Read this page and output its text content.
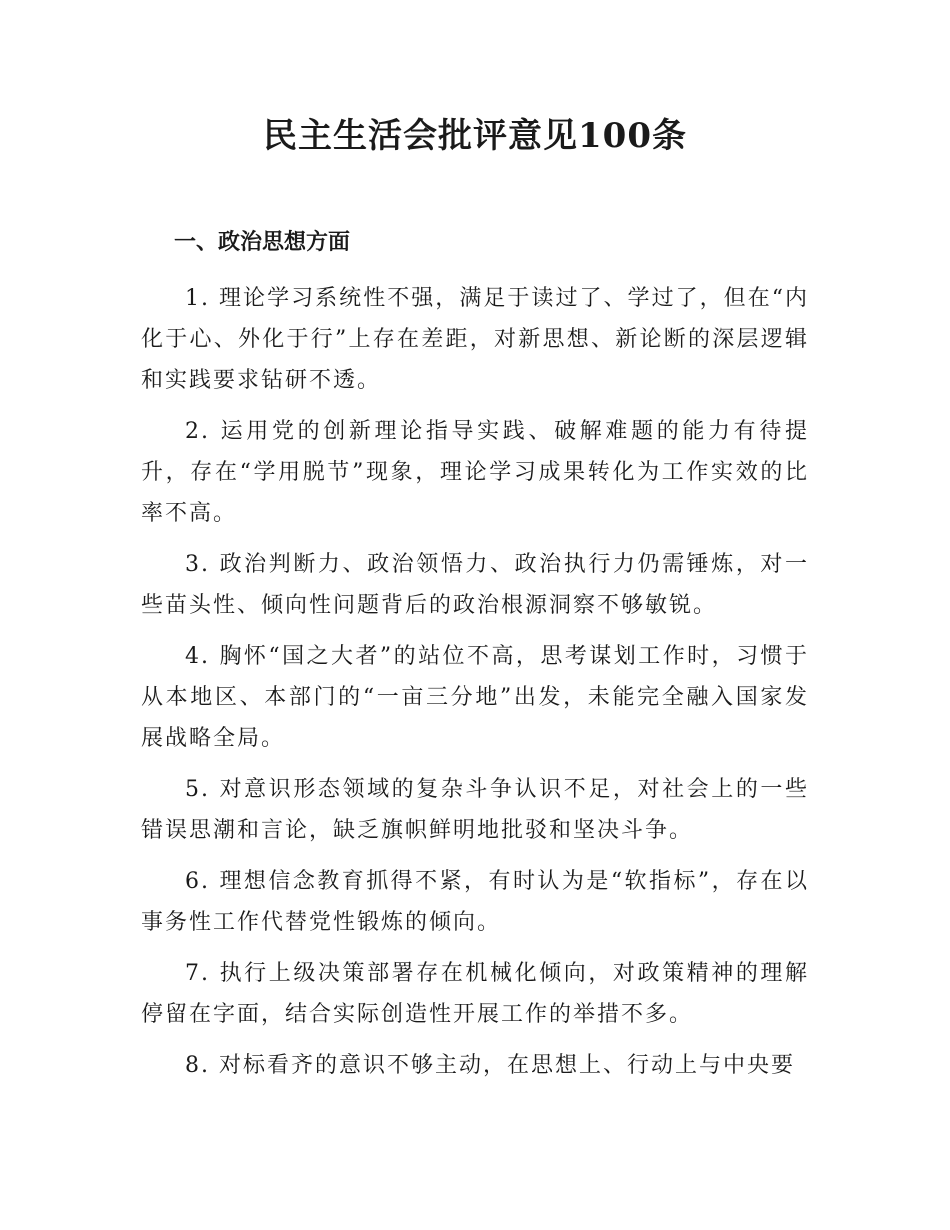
民主生活会批评意见100条
一、政治思想方面
1. 理论学习系统性不强，满足于读过了、学过了，但在“内化于心、外化于行”上存在差距，对新思想、新论断的深层逻辑和实践要求钻研不透。
2. 运用党的创新理论指导实践、破解难题的能力有待提升，存在“学用脱节”现象，理论学习成果转化为工作实效的比率不高。
3. 政治判断力、政治领悟力、政治执行力仍需锤炼，对一些苗头性、倾向性问题背后的政治根源洞察不够敏锐。
4. 胸怀“国之大者”的站位不高，思考谋划工作时，习惯于从本地区、本部门的“一亩三分地”出发，未能完全融入国家发展战略全局。
5. 对意识形态领域的复杂斗争认识不足，对社会上的一些错误思潮和言论，缺乏旗帜鲜明地批驳和坚决斗争。
6. 理想信念教育抓得不紧，有时认为是“软指标”，存在以事务性工作代替党性锻炼的倾向。
7. 执行上级决策部署存在机械化倾向，对政策精神的理解停留在字面，结合实际创造性开展工作的举措不多。
8. 对标看齐的意识不够主动，在思想上、行动上与中央要
